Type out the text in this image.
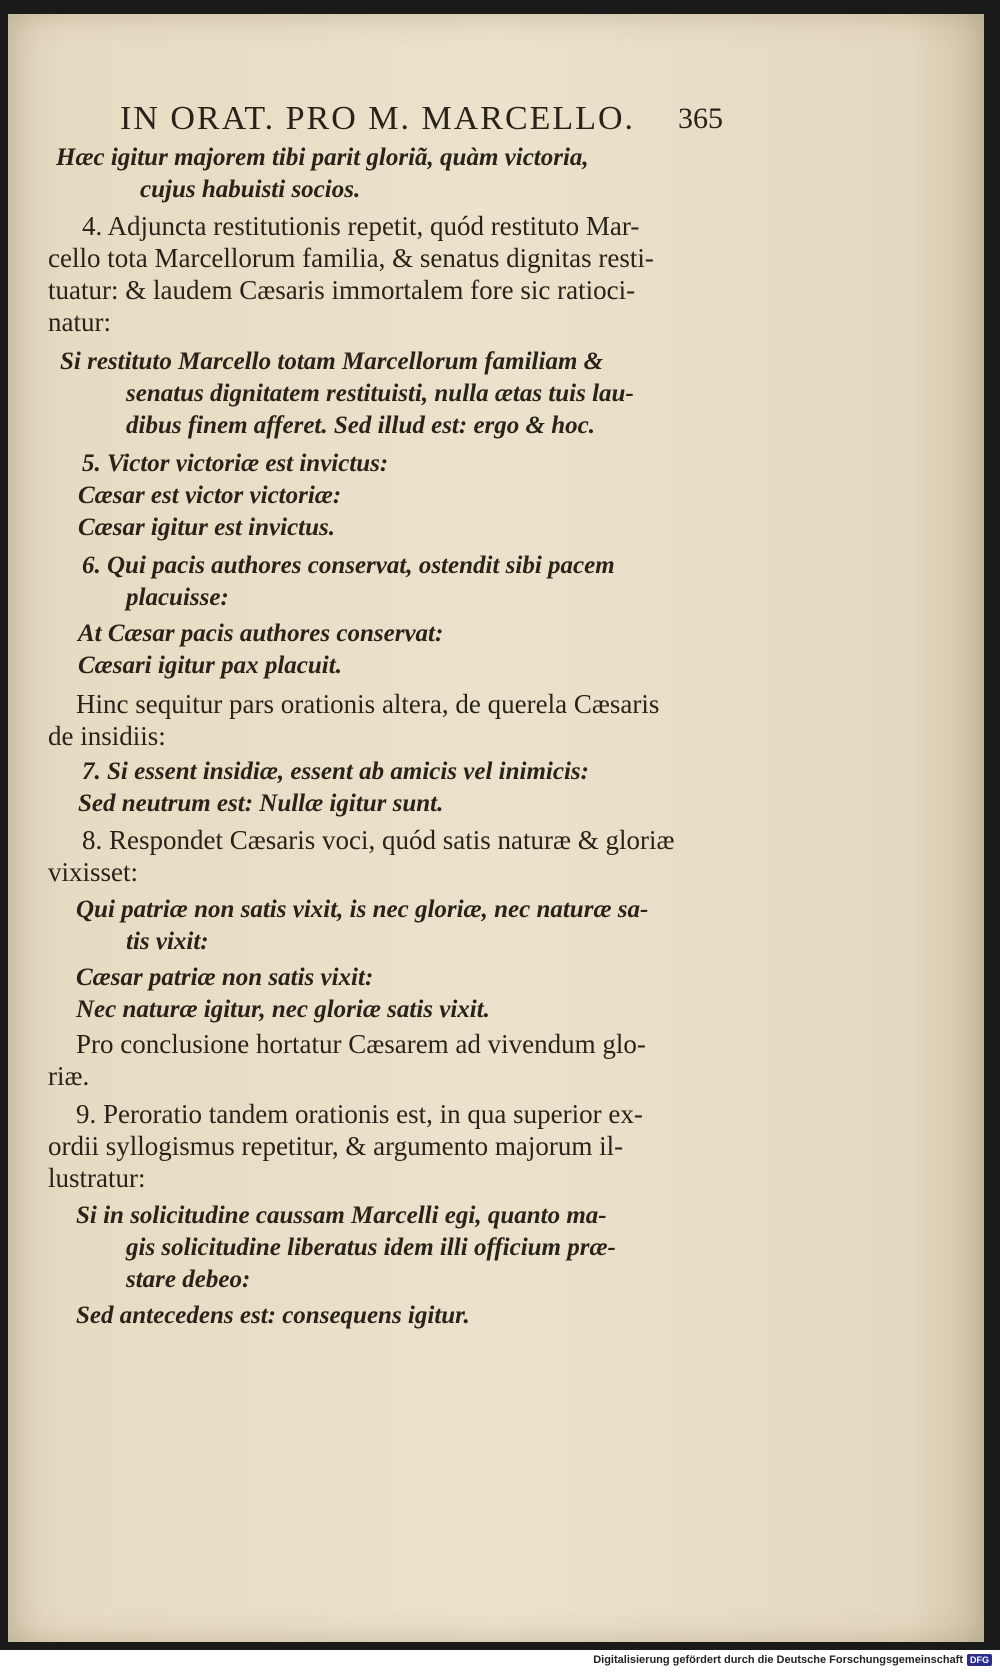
IN ORAT. PRO M. MARCELLO.	365
Hæc igitur majorem tibi parit gloriã, quàm victoria,
cujus habuisti socios.
4. Adjuncta restitutionis repetit, quód restituto Mar-
cello tota Marcellorum familia, & senatus dignitas resti-
tuatur: & laudem Cæsaris immortalem fore sic ratioci-
natur:
Si restituto Marcello totam Marcellorum familiam &
senatus dignitatem restituisti, nulla ætas tuis lau-
dibus finem afferet. Sed illud est: ergo & hoc.
5. Victor victoriæ est invictus:
Cæsar est victor victoriæ:
Cæsar igitur est invictus.
6. Qui pacis authores conservat, ostendit sibi pacem
placuisse:
At Cæsar pacis authores conservat:
Cæsari igitur pax placuit.
Hinc sequitur pars orationis altera, de querela Cæsaris
de insidiis:
7. Si essent insidiæ, essent ab amicis vel inimicis:
Sed neutrum est: Nullæ igitur sunt.
8. Respondet Cæsaris voci, quód satis naturæ & gloriæ
vixisset:
Qui patriæ non satis vixit, is nec gloriæ, nec naturæ sa-
tis vixit:
Cæsar patriæ non satis vixit:
Nec naturæ igitur, nec gloriæ satis vixit.
Pro conclusione hortatur Cæsarem ad vivendum glo-
riæ.
9. Peroratio tandem orationis est, in qua superior ex-
ordii syllogismus repetitur, & argumento majorum il-
lustratur:
Si in solicitudine caussam Marcelli egi, quanto ma-
gis solicitudine liberatus idem illi officium præ-
stare debeo:
Sed antecedens est: consequens igitur.
Digitalisierung gefördert durch die Deutsche Forschungsgemeinschaft DFG
